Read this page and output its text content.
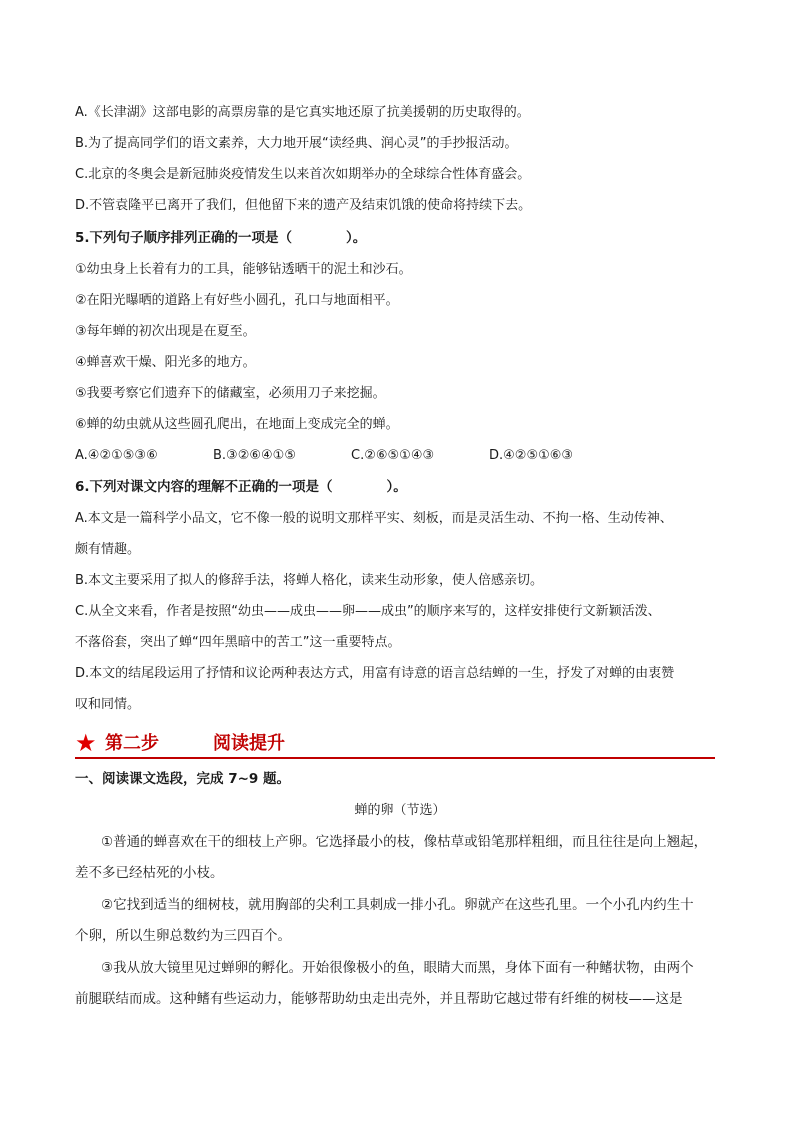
A.《长津湖》这部电影的高票房靠的是它真实地还原了抗美援朝的历史取得的。
B.为了提高同学们的语文素养，大力地开展“读经典、润心灵”的手抄报活动。
C.北京的冬奥会是新冠肺炎疫情发生以来首次如期举办的全球综合性体育盛会。
D.不管袁隆平已离开了我们，但他留下来的遗产及结束饥饿的使命将持续下去。
5.下列句子顺序排列正确的一项是（　　　　）。
①幼虫身上长着有力的工具，能够钻透晒干的泥土和沙石。
②在阳光曝晒的道路上有好些小圆孔，孔口与地面相平。
③每年蝉的初次出现是在夏至。
④蝉喜欢干燥、阳光多的地方。
⑤我要考察它们遗弃下的储藏室，必须用刀子来挖掘。
⑥蝉的幼虫就从这些圆孔爬出，在地面上变成完全的蝉。
A.④②①⑤③⑥	B.③②⑥④①⑤	C.②⑥⑤①④③	D.④②⑤①⑥③
6.下列对课文内容的理解不正确的一项是（　　　　）。
A.本文是一篇科学小品文，它不像一般的说明文那样平实、刻板，而是灵活生动、不拘一格、生动传神、
颇有情趣。
B.本文主要采用了拟人的修辞手法，将蝉人格化，读来生动形象，使人倍感亲切。
C.从全文来看，作者是按照“幼虫——成虫——卵——成虫”的顺序来写的，这样安排使行文新颖活泼、
不落俗套，突出了蝉“四年黑暗中的苦工”这一重要特点。
D.本文的结尾段运用了抒情和议论两种表达方式，用富有诗意的语言总结蝉的一生，抒发了对蝉的由衷赞
叹和同情。
★ 第二步	阅读提升
一、阅读课文选段，完成 7~9 题。
蝉的卵（节选）
①普通的蝉喜欢在干的细枝上产卵。它选择最小的枝，像枯草或铅笔那样粗细，而且往往是向上翘起，
差不多已经枯死的小枝。
②它找到适当的细树枝，就用胸部的尖利工具刺成一排小孔。卵就产在这些孔里。一个小孔内约生十
个卵，所以生卵总数约为三四百个。
③我从放大镜里见过蝉卵的孵化。开始很像极小的鱼，眼睛大而黑，身体下面有一种鳍状物，由两个
前腿联结而成。这种鳍有些运动力，能够帮助幼虫走出壳外，并且帮助它越过带有纤维的树枝——这是
